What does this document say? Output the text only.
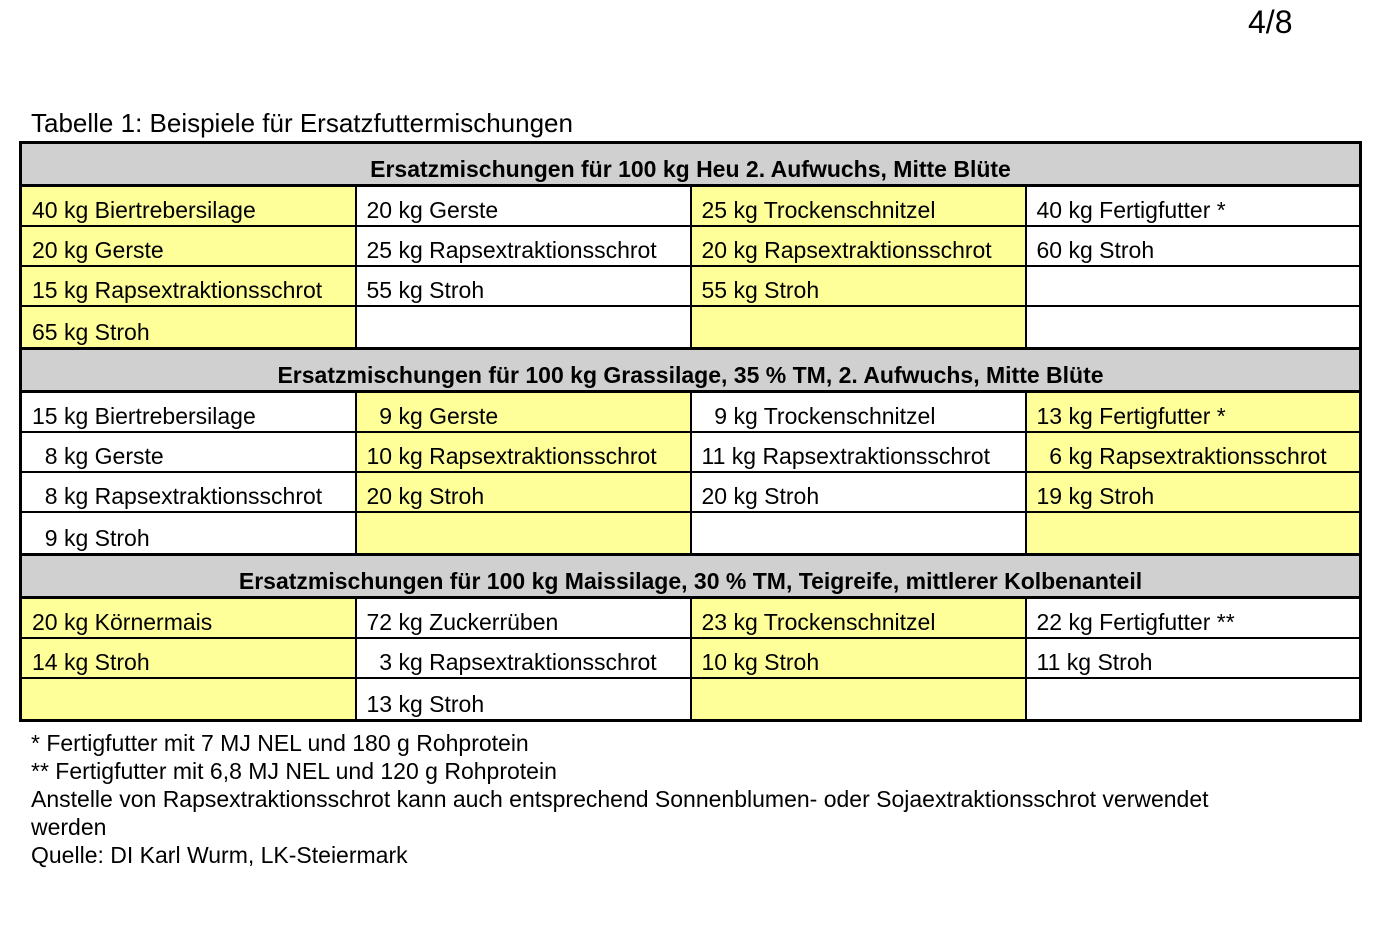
4/8
Tabelle 1: Beispiele für Ersatzfuttermischungen
Ersatzmischungen für 100 kg Heu 2. Aufwuchs, Mitte Blüte			
40 kg Biertrebersilage	20 kg Gerste	25 kg Trockenschnitzel	40 kg Fertigfutter *
20 kg Gerste	25 kg Rapsextraktionsschrot	20 kg Rapsextraktionsschrot	60 kg Stroh
15 kg Rapsextraktionsschrot	55 kg Stroh	55 kg Stroh	
65 kg Stroh			
Ersatzmischungen für 100 kg Grassilage, 35 % TM, 2. Aufwuchs, Mitte Blüte			
15 kg Biertrebersilage	9 kg Gerste	9 kg Trockenschnitzel	13 kg Fertigfutter *
8 kg Gerste	10 kg Rapsextraktionsschrot	11 kg Rapsextraktionsschrot	6 kg Rapsextraktionsschrot
8 kg Rapsextraktionsschrot	20 kg Stroh	20 kg Stroh	19 kg Stroh
9 kg Stroh			
Ersatzmischungen für 100 kg Maissilage, 30 % TM, Teigreife, mittlerer Kolbenanteil			
20 kg Körnermais	72 kg Zuckerrüben	23 kg Trockenschnitzel	22 kg Fertigfutter **
14 kg Stroh	3 kg Rapsextraktionsschrot	10 kg Stroh	11 kg Stroh
	13 kg Stroh		
* Fertigfutter mit 7 MJ NEL und 180 g Rohprotein
** Fertigfutter mit 6,8 MJ NEL und 120 g Rohprotein
Anstelle von Rapsextraktionsschrot kann auch entsprechend Sonnenblumen- oder Sojaextraktionsschrot verwendet
werden
Quelle: DI Karl Wurm, LK-Steiermark
